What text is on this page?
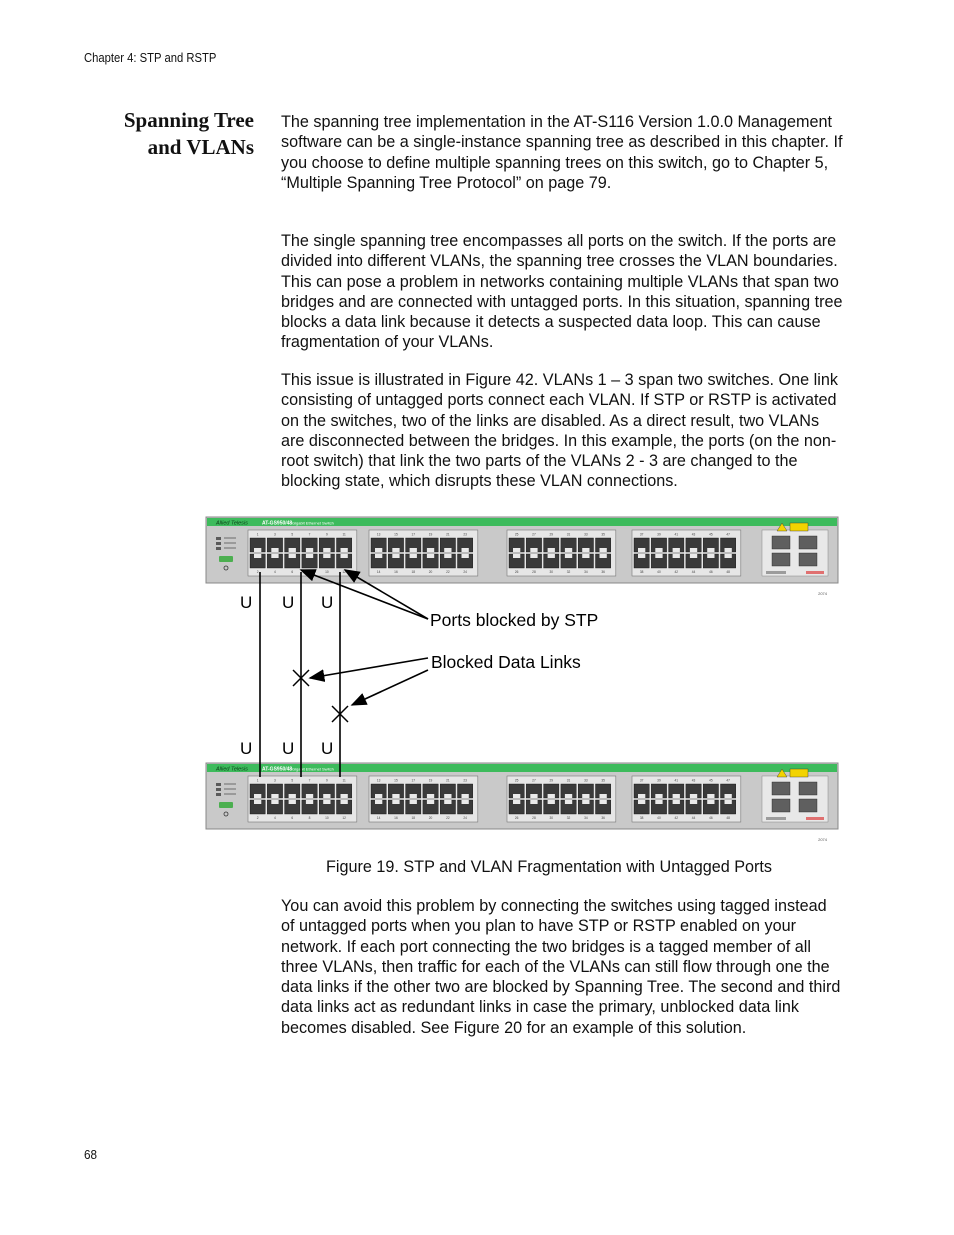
Chapter 4: STP and RSTP
Spanning Tree
and VLANs

The spanning tree implementation in the AT-S116 Version 1.0.0 Management software can be a single-instance spanning tree as described in this chapter. If you choose to define multiple spanning trees on this switch, go to Chapter 5, “Multiple Spanning Tree Protocol” on page 79.

The single spanning tree encompasses all ports on the switch. If the ports are divided into different VLANs, the spanning tree crosses the VLAN boundaries. This can pose a problem in networks containing multiple VLANs that span two bridges and are connected with untagged ports. In this situation, spanning tree blocks a data link because it detects a suspected data loop. This can cause fragmentation of your VLANs.

This issue is illustrated in Figure 42. VLANs 1 – 3 span two switches. One link consisting of untagged ports connect each VLAN. If STP or RSTP is activated on the switches, two of the links are disabled. As a direct result, two VLANs are disconnected between the bridges. In this example, the ports (on the non-root switch) that link the two parts of the VLANs 2 - 3 are changed to the blocking state, which disrupts these VLAN connections.

Allied Telesis	AT-GS950/48 Gigabit Ethernet Switch
1
2
3
4
5
6
7
8
9
10
11
12
13
14
15
16
17
18
19
20
21
22
23
24
25
26
27
28
29
30
31
32
33
34
35
36
37
38
39
40
41
42
43
44
45
46
47
48
2074
Allied Telesis	AT-GS950/48 Gigabit Ethernet Switch
1
2
3
4
5
6
7
8
9
10
11
12
13
14
15
16
17
18
19
20
21
22
23
24
25
26
27
28
29
30
31
32
33
34
35
36
37
38
39
40
41
42
43
44
45
46
47
48
2074
U U U
U U U
Ports blocked by STP
Blocked Data Links
Figure 19. STP and VLAN Fragmentation with Untagged Ports

You can avoid this problem by connecting the switches using tagged instead of untagged ports when you plan to have STP or RSTP enabled on your network. If each port connecting the two bridges is a tagged member of all three VLANs, then traffic for each of the VLANs can still flow through one the data links if the other two are blocked by Spanning Tree. The second and third data links act as redundant links in case the primary, unblocked data link becomes disabled. See Figure 20 for an example of this solution.

68
